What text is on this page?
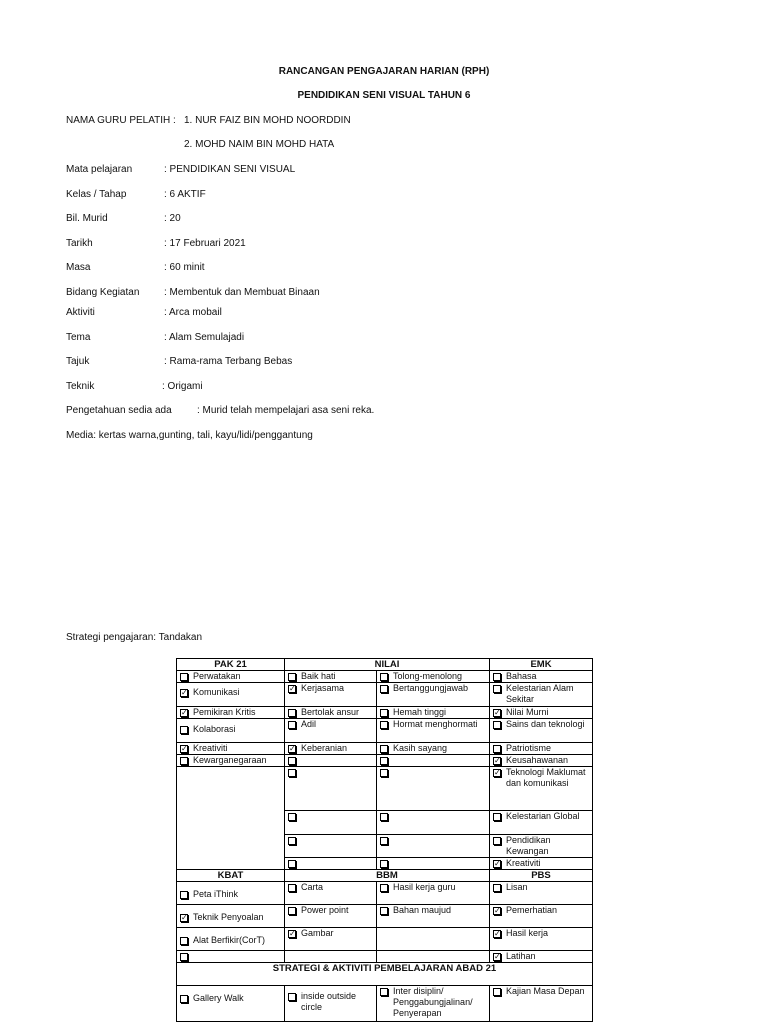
RANCANGAN PENGAJARAN HARIAN (RPH)
PENDIDIKAN SENI VISUAL TAHUN 6
NAMA GURU PELATIH : 1. NUR FAIZ BIN MOHD NOORDDIN
2. MOHD NAIM BIN MOHD HATA
Mata pelajaran	: PENDIDIKAN SENI VISUAL
Kelas / Tahap	: 6 AKTIF
Bil. Murid	: 20
Tarikh	: 17 Februari 2021
Masa	: 60 minit
Bidang Kegiatan : Membentuk dan Membuat Binaan
Aktiviti	: Arca mobail
Tema	: Alam Semulajadi
Tajuk	: Rama-rama Terbang Bebas
Teknik	: Origami
Pengetahuan sedia ada	: Murid telah mempelajari asa seni reka.
Media: kertas warna,gunting, tali, kayu/lidi/penggantung
Strategi pengajaran: Tandakan
PAK 21	NILAI		EMK

Perwatakan	Baik hati	Tolong-menolong	Bahasa

✓ Komunikasi	✓ Kerjasama	Bertanggungjawab	Kelestarian Alam Sekitar

✓ Pemikiran Kritis	Bertolak ansur	Hemah tinggi	✓ Nilai Murni

Kolaborasi	Adil	Hormat menghormati	Sains dan teknologi

✓ Kreativiti	✓ Keberanian	Kasih sayang	Patriotisme

Kewarganegaraan			✓ Keusahawanan

			✓ Teknologi Maklumat dan komunikasi

			Kelestarian Global

			Pendidikan Kewangan

			✓ Kreativiti

KBAT	BBM		PBS

Peta iThink	Carta	Hasil kerja guru	Lisan

✓ Teknik Penyoalan	Power point	Bahan maujud	✓ Pemerhatian

Alat Berfikir(CorT)	✓ Gambar		✓ Hasil kerja

			✓ Latihan

STRATEGI & AKTIVITI PEMBELAJARAN ABAD 21			

Gallery Walk	inside outside circle	Inter disiplin/ Penggabungjalinan/ Penyerapan	Kajian Masa Depan
